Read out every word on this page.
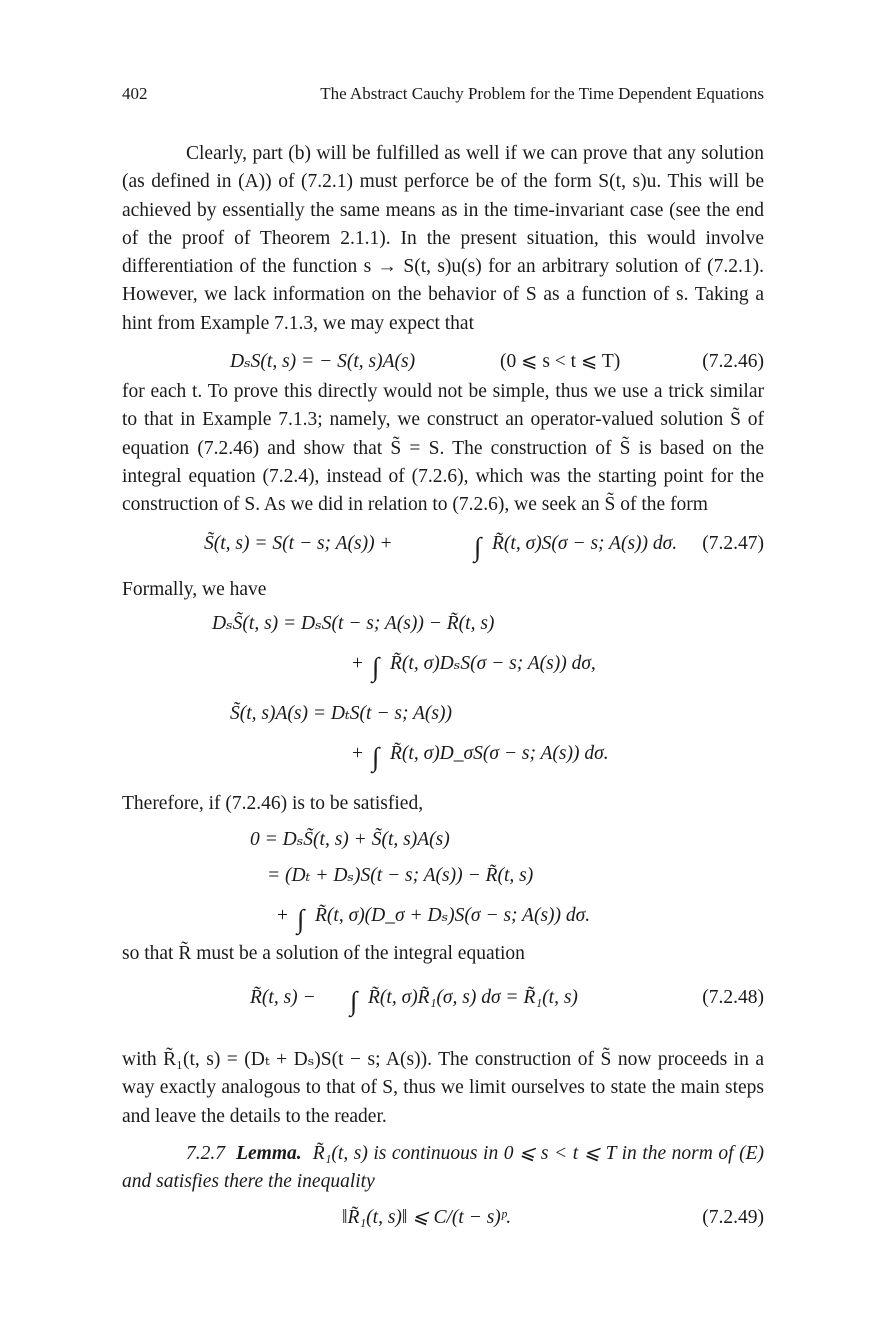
402	The Abstract Cauchy Problem for the Time Dependent Equations

Clearly, part (b) will be fulfilled as well if we can prove that any solution (as defined in (A)) of (7.2.1) must perforce be of the form S(t, s)u. This will be achieved by essentially the same means as in the time-invariant case (see the end of the proof of Theorem 2.1.1). In the present situation, this would involve differentiation of the function s → S(t, s)u(s) for an arbitrary solution of (7.2.1). However, we lack information on the behavior of S as a function of s. Taking a hint from Example 7.1.3, we may expect that

DₛS(t, s) = − S(t, s)A(s)	(0 ⩽ s < t ⩽ T)	(7.2.46)

for each t. To prove this directly would not be simple, thus we use a trick similar to that in Example 7.1.3; namely, we construct an operator-valued solution S̃ of equation (7.2.46) and show that S̃ = S. The construction of S̃ is based on the integral equation (7.2.4), instead of (7.2.6), which was the starting point for the construction of S. As we did in relation to (7.2.6), we seek an S̃ of the form

S̃(t, s) = S(t − s; A(s)) +	∫ R̃(t, σ)S(σ − s; A(s)) dσ. (7.2.47)

Formally, we have

DₛS̃(t, s) = DₛS(t − s; A(s)) − R̃(t, s)
+ ∫ R̃(t, σ)DₛS(σ − s; A(s)) dσ,
S̃(t, s)A(s) = DₜS(t − s; A(s))
+ ∫ R̃(t, σ)D_σS(σ − s; A(s)) dσ.

Therefore, if (7.2.46) is to be satisfied,

0 = DₛS̃(t, s) + S̃(t, s)A(s)
= (Dₜ + Dₛ)S(t − s; A(s)) − R̃(t, s)
+ ∫ R̃(t, σ)(D_σ + Dₛ)S(σ − s; A(s)) dσ.

so that R̃ must be a solution of the integral equation

R̃(t, s) − ∫ R̃(t, σ)R̃₁(σ, s) dσ = R̃₁(t, s)	(7.2.48)

with R̃₁(t, s) = (Dₜ + Dₛ)S(t − s; A(s)). The construction of S̃ now proceeds in a way exactly analogous to that of S, thus we limit ourselves to state the main steps and leave the details to the reader.

7.2.7 Lemma. R̃₁(t, s) is continuous in 0 ⩽ s < t ⩽ T in the norm of (E) and satisfies there the inequality

‖R̃₁(t, s)‖ ⩽ C/(t − s)ᵖ.	(7.2.49)
